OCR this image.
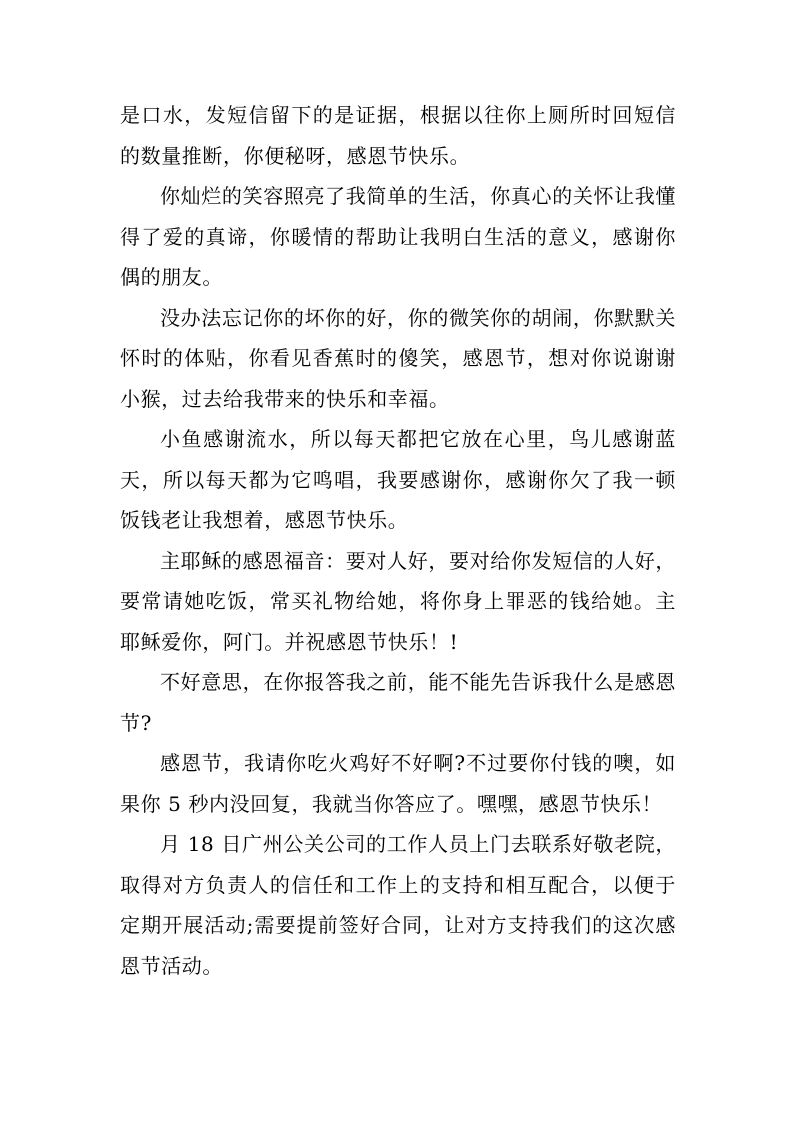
是口水，发短信留下的是证据，根据以往你上厕所时回短信的数量推断，你便秘呀，感恩节快乐。

你灿烂的笑容照亮了我简单的生活，你真心的关怀让我懂得了爱的真谛，你暖情的帮助让我明白生活的意义，感谢你偶的朋友。

没办法忘记你的坏你的好，你的微笑你的胡闹，你默默关怀时的体贴，你看见香蕉时的傻笑，感恩节，想对你说谢谢小猴，过去给我带来的快乐和幸福。

小鱼感谢流水，所以每天都把它放在心里，鸟儿感谢蓝天，所以每天都为它鸣唱，我要感谢你，感谢你欠了我一顿饭钱老让我想着，感恩节快乐。

主耶稣的感恩福音：要对人好，要对给你发短信的人好，要常请她吃饭，常买礼物给她，将你身上罪恶的钱给她。主耶稣爱你，阿门。并祝感恩节快乐！!

不好意思，在你报答我之前，能不能先告诉我什么是感恩节?

感恩节，我请你吃火鸡好不好啊?不过要你付钱的噢，如果你 5 秒内没回复，我就当你答应了。嘿嘿，感恩节快乐！

月 18 日广州公关公司的工作人员上门去联系好敬老院，取得对方负责人的信任和工作上的支持和相互配合，以便于定期开展活动;需要提前签好合同，让对方支持我们的这次感恩节活动。
